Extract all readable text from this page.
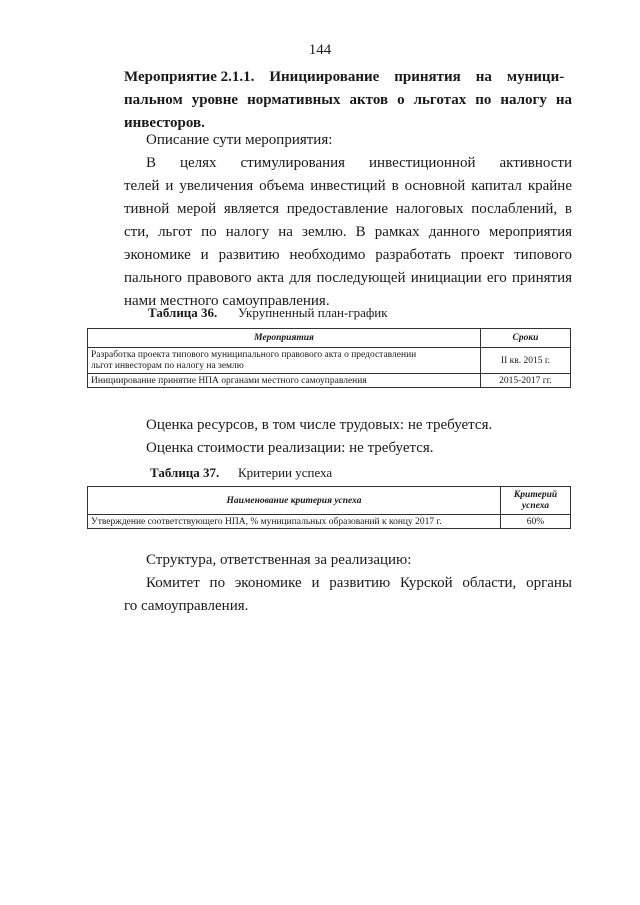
144
Мероприятие 2.1.1.    Инициирование    принятия    на    муници-
пальном уровне нормативных актов о льготах по налогу на
инвесторов.
Описание сути мероприятия:
В целях стимулирования инвестиционной активности
телей и увеличения объема инвестиций в основной капитал крайне
тивной мерой является предоставление налоговых послаблений, в
сти, льгот по налогу на землю. В рамках данного мероприятия
экономике и развитию необходимо разработать проект типового
пального правового акта для последующей инициации его принятия
нами местного самоуправления.
Таблица 36. Укрупненный план-график
Мероприятия	Сроки

Разработка проекта типового муниципального правового акта о предоставлении
льгот инвесторам по налогу на землю	II кв. 2015 г.
Инициирование принятие НПА органами местного самоуправления	2015-2017 гг.
Оценка ресурсов, в том числе трудовых: не требуется.
Оценка стоимости реализации: не требуется.
Таблица 37. Критерии успеха
Наименование критерия успеха	Критерий
успеха

Утверждение соответствующего НПА, % муниципальных образований к концу 2017 г.	60%
Структура, ответственная за реализацию:
Комитет по экономике и развитию Курской области, органы
го самоуправления.
